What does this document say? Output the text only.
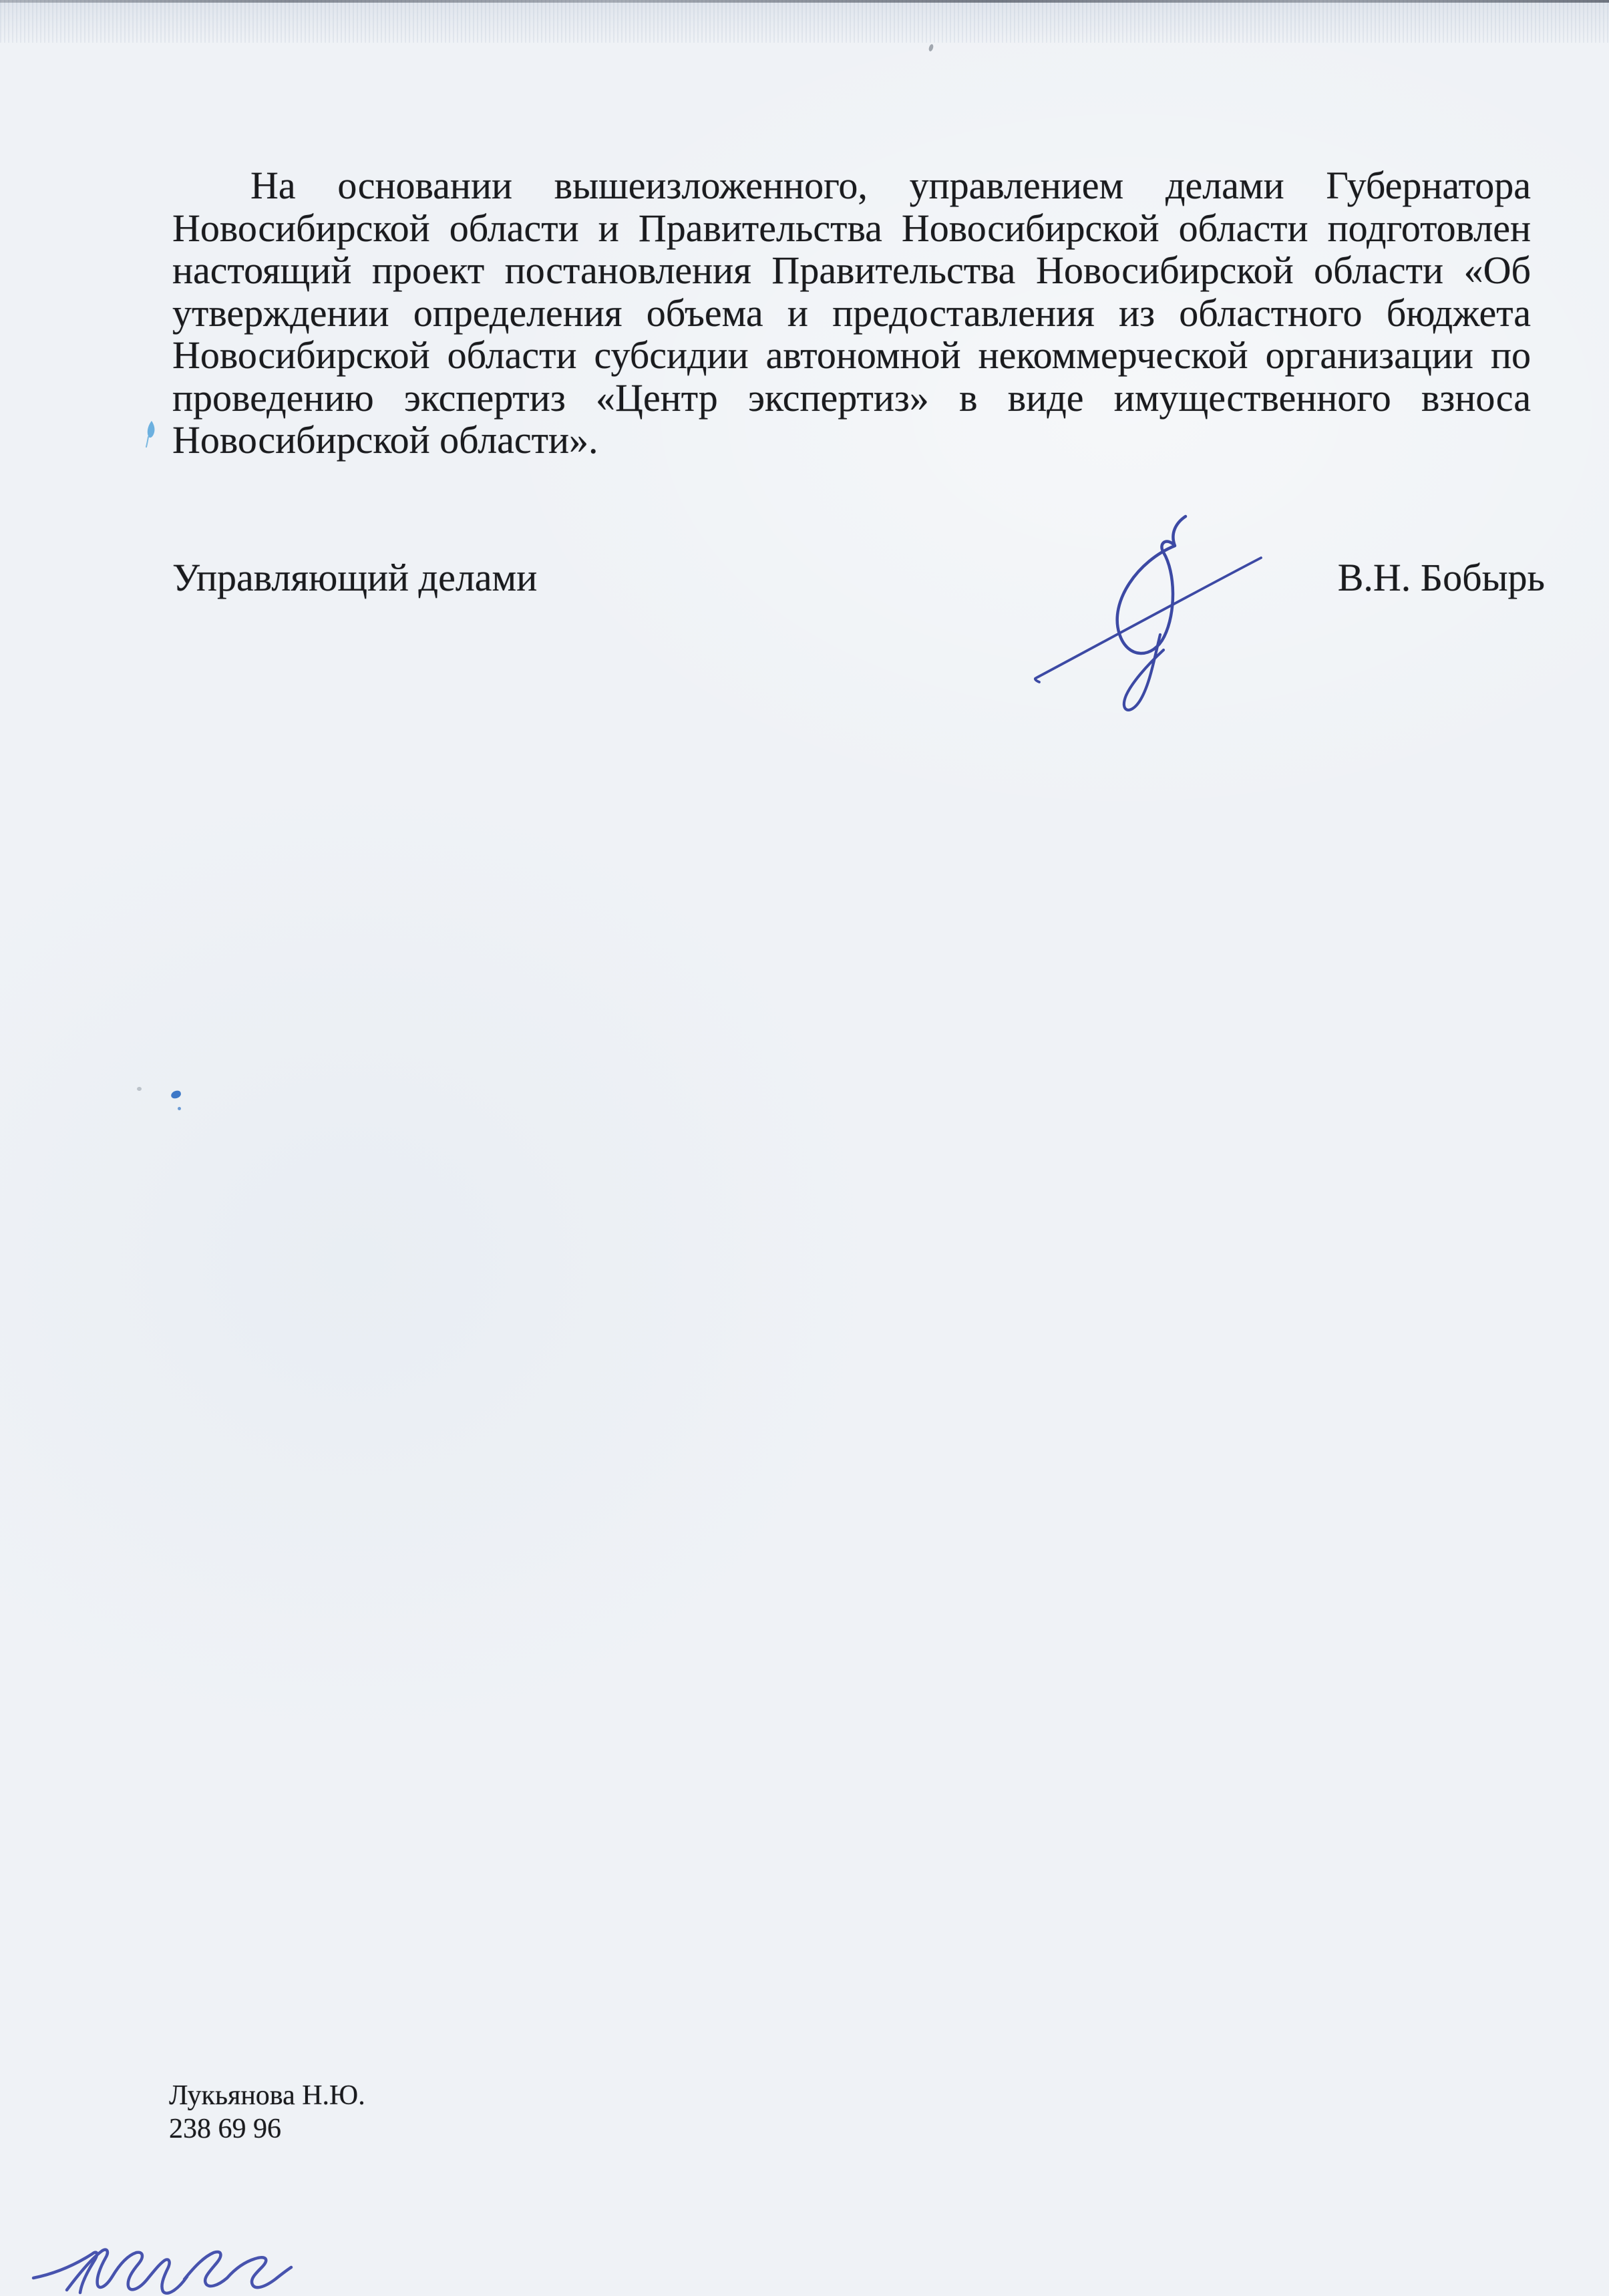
На основании вышеизложенного, управлением делами Губернатора
Новосибирской области и Правительства Новосибирской области подготовлен
настоящий проект постановления Правительства Новосибирской области «Об
утверждении определения объема и предоставления из областного бюджета
Новосибирской области субсидии автономной некоммерческой организации по
проведению экспертиз «Центр экспертиз» в виде имущественного взноса
Новосибирской области».
Управляющий делами	В.Н. Бобырь
Лукьянова Н.Ю.
238 69 96
